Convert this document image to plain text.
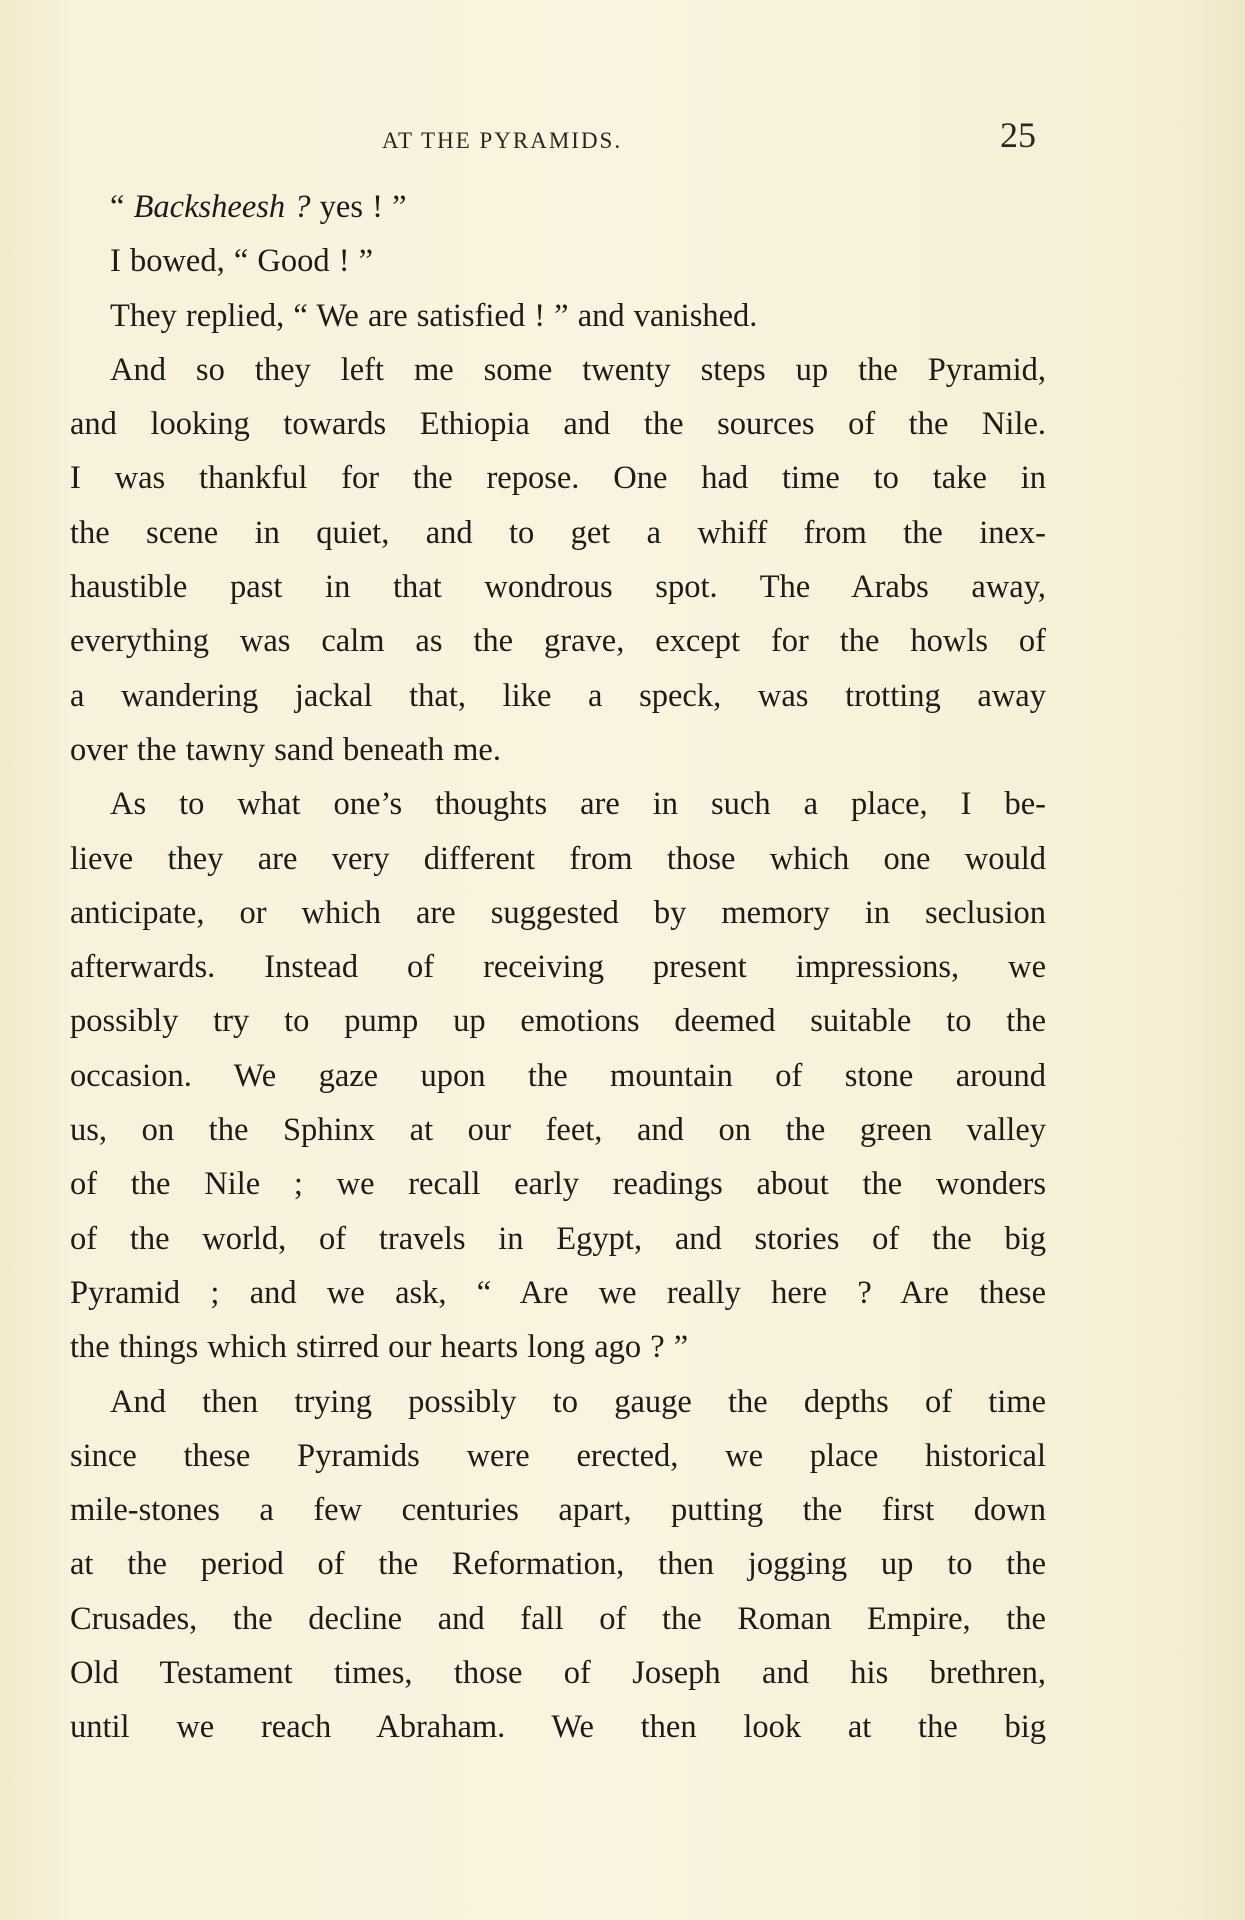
AT THE PYRAMIDS.	25
“ Backsheesh ? yes ! ”
I bowed, “ Good ! ”
They replied, “ We are satisfied ! ” and vanished.
And so they left me some twenty steps up the Pyramid,
and looking towards Ethiopia and the sources of the Nile.
I was thankful for the repose. One had time to take in
the scene in quiet, and to get a whiff from the inex-
haustible past in that wondrous spot. The Arabs away,
everything was calm as the grave, except for the howls of
a wandering jackal that, like a speck, was trotting away
over the tawny sand beneath me.
As to what one’s thoughts are in such a place, I be-
lieve they are very different from those which one would
anticipate, or which are suggested by memory in seclusion
afterwards. Instead of receiving present impressions, we
possibly try to pump up emotions deemed suitable to the
occasion. We gaze upon the mountain of stone around
us, on the Sphinx at our feet, and on the green valley
of the Nile ; we recall early readings about the wonders
of the world, of travels in Egypt, and stories of the big
Pyramid ; and we ask, “ Are we really here ? Are these
the things which stirred our hearts long ago ? ”
And then trying possibly to gauge the depths of time
since these Pyramids were erected, we place historical
mile-stones a few centuries apart, putting the first down
at the period of the Reformation, then jogging up to the
Crusades, the decline and fall of the Roman Empire, the
Old Testament times, those of Joseph and his brethren,
until we reach Abraham. We then look at the big
